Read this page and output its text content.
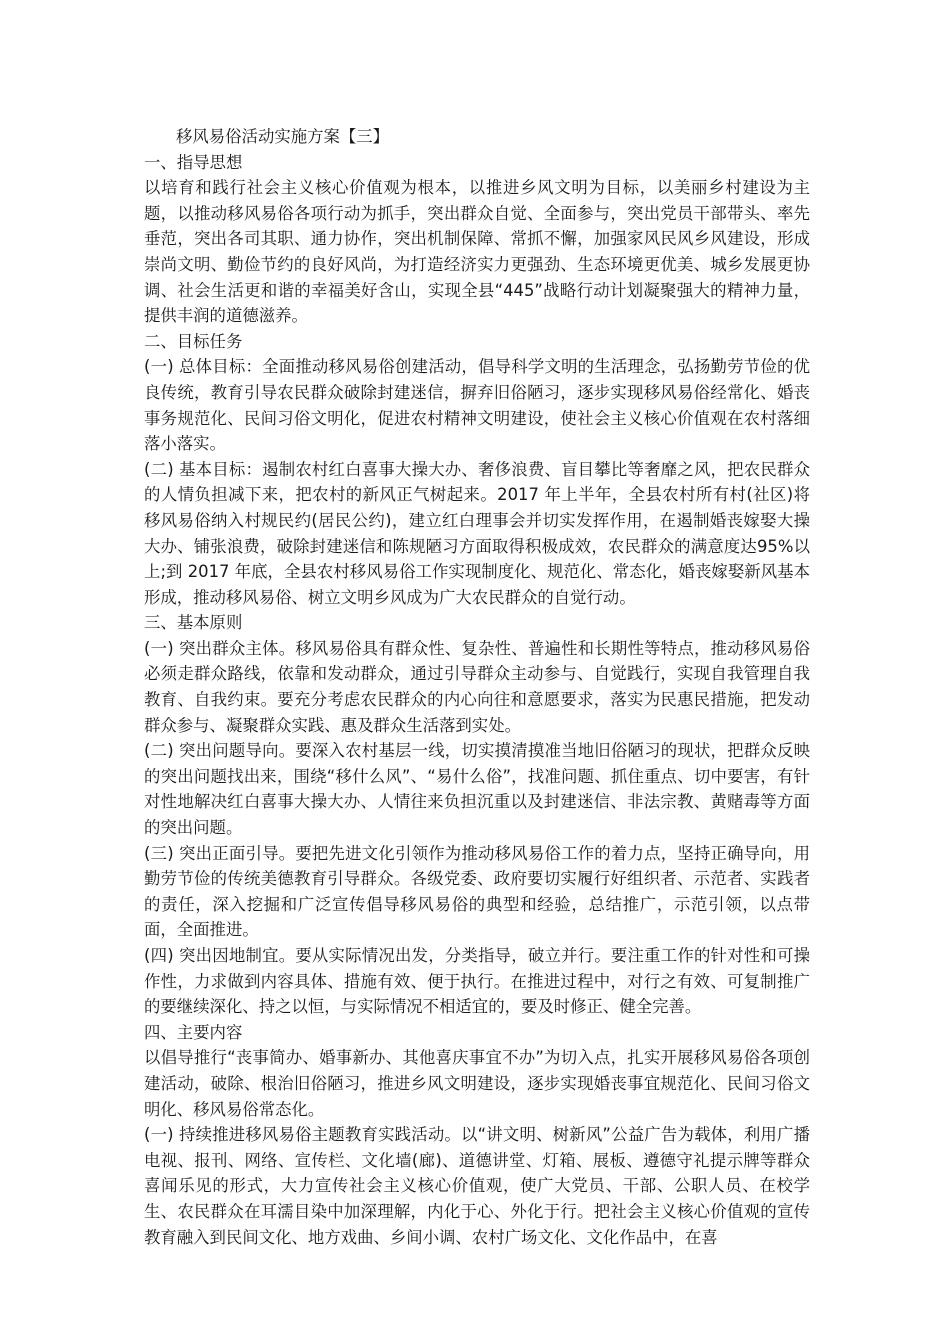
移风易俗活动实施方案【三】
一、指导思想

以培育和践行社会主义核心价值观为根本，以推进乡风文明为目标，以美丽乡村建设为主题，以推动移风易俗各项行动为抓手，突出群众自觉、全面参与，突出党员干部带头、率先垂范，突出各司其职、通力协作，突出机制保障、常抓不懈，加强家风民风乡风建设，形成崇尚文明、勤俭节约的良好风尚，为打造经济实力更强劲、生态环境更优美、城乡发展更协调、社会生活更和谐的幸福美好含山，实现全县“445”战略行动计划凝聚强大的精神力量，提供丰润的道德滋养。

二、目标任务

(一) 总体目标：全面推动移风易俗创建活动，倡导科学文明的生活理念，弘扬勤劳节俭的优良传统，教育引导农民群众破除封建迷信，摒弃旧俗陋习，逐步实现移风易俗经常化、婚丧事务规范化、民间习俗文明化，促进农村精神文明建设，使社会主义核心价值观在农村落细落小落实。

(二) 基本目标：遏制农村红白喜事大操大办、奢侈浪费、盲目攀比等奢靡之风，把农民群众的人情负担减下来，把农村的新风正气树起来。2017 年上半年，全县农村所有村(社区)将移风易俗纳入村规民约(居民公约)，建立红白理事会并切实发挥作用，在遏制婚丧嫁娶大操大办、铺张浪费，破除封建迷信和陈规陋习方面取得积极成效，农民群众的满意度达95%以上;到 2017 年底，全县农村移风易俗工作实现制度化、规范化、常态化，婚丧嫁娶新风基本形成，推动移风易俗、树立文明乡风成为广大农民群众的自觉行动。

三、基本原则

(一) 突出群众主体。移风易俗具有群众性、复杂性、普遍性和长期性等特点，推动移风易俗必须走群众路线，依靠和发动群众，通过引导群众主动参与、自觉践行，实现自我管理自我教育、自我约束。要充分考虑农民群众的内心向往和意愿要求，落实为民惠民措施，把发动群众参与、凝聚群众实践、惠及群众生活落到实处。

(二) 突出问题导向。要深入农村基层一线，切实摸清摸准当地旧俗陋习的现状，把群众反映的突出问题找出来，围绕“移什么风”、“易什么俗”，找准问题、抓住重点、切中要害，有针对性地解决红白喜事大操大办、人情往来负担沉重以及封建迷信、非法宗教、黄赌毒等方面的突出问题。

(三) 突出正面引导。要把先进文化引领作为推动移风易俗工作的着力点，坚持正确导向，用勤劳节俭的传统美德教育引导群众。各级党委、政府要切实履行好组织者、示范者、实践者的责任，深入挖掘和广泛宣传倡导移风易俗的典型和经验，总结推广，示范引领，以点带面，全面推进。

(四) 突出因地制宜。要从实际情况出发，分类指导，破立并行。要注重工作的针对性和可操作性，力求做到内容具体、措施有效、便于执行。在推进过程中，对行之有效、可复制推广的要继续深化、持之以恒，与实际情况不相适宜的，要及时修正、健全完善。

四、主要内容

以倡导推行“丧事简办、婚事新办、其他喜庆事宜不办”为切入点，扎实开展移风易俗各项创建活动，破除、根治旧俗陋习，推进乡风文明建设，逐步实现婚丧事宜规范化、民间习俗文明化、移风易俗常态化。

(一) 持续推进移风易俗主题教育实践活动。以“讲文明、树新风”公益广告为载体，利用广播电视、报刊、网络、宣传栏、文化墙(廊)、道德讲堂、灯箱、展板、遵德守礼提示牌等群众喜闻乐见的形式，大力宣传社会主义核心价值观，使广大党员、干部、公职人员、在校学生、农民群众在耳濡目染中加深理解，内化于心、外化于行。把社会主义核心价值观的宣传教育融入到民间文化、地方戏曲、乡间小调、农村广场文化、文化作品中，在喜
